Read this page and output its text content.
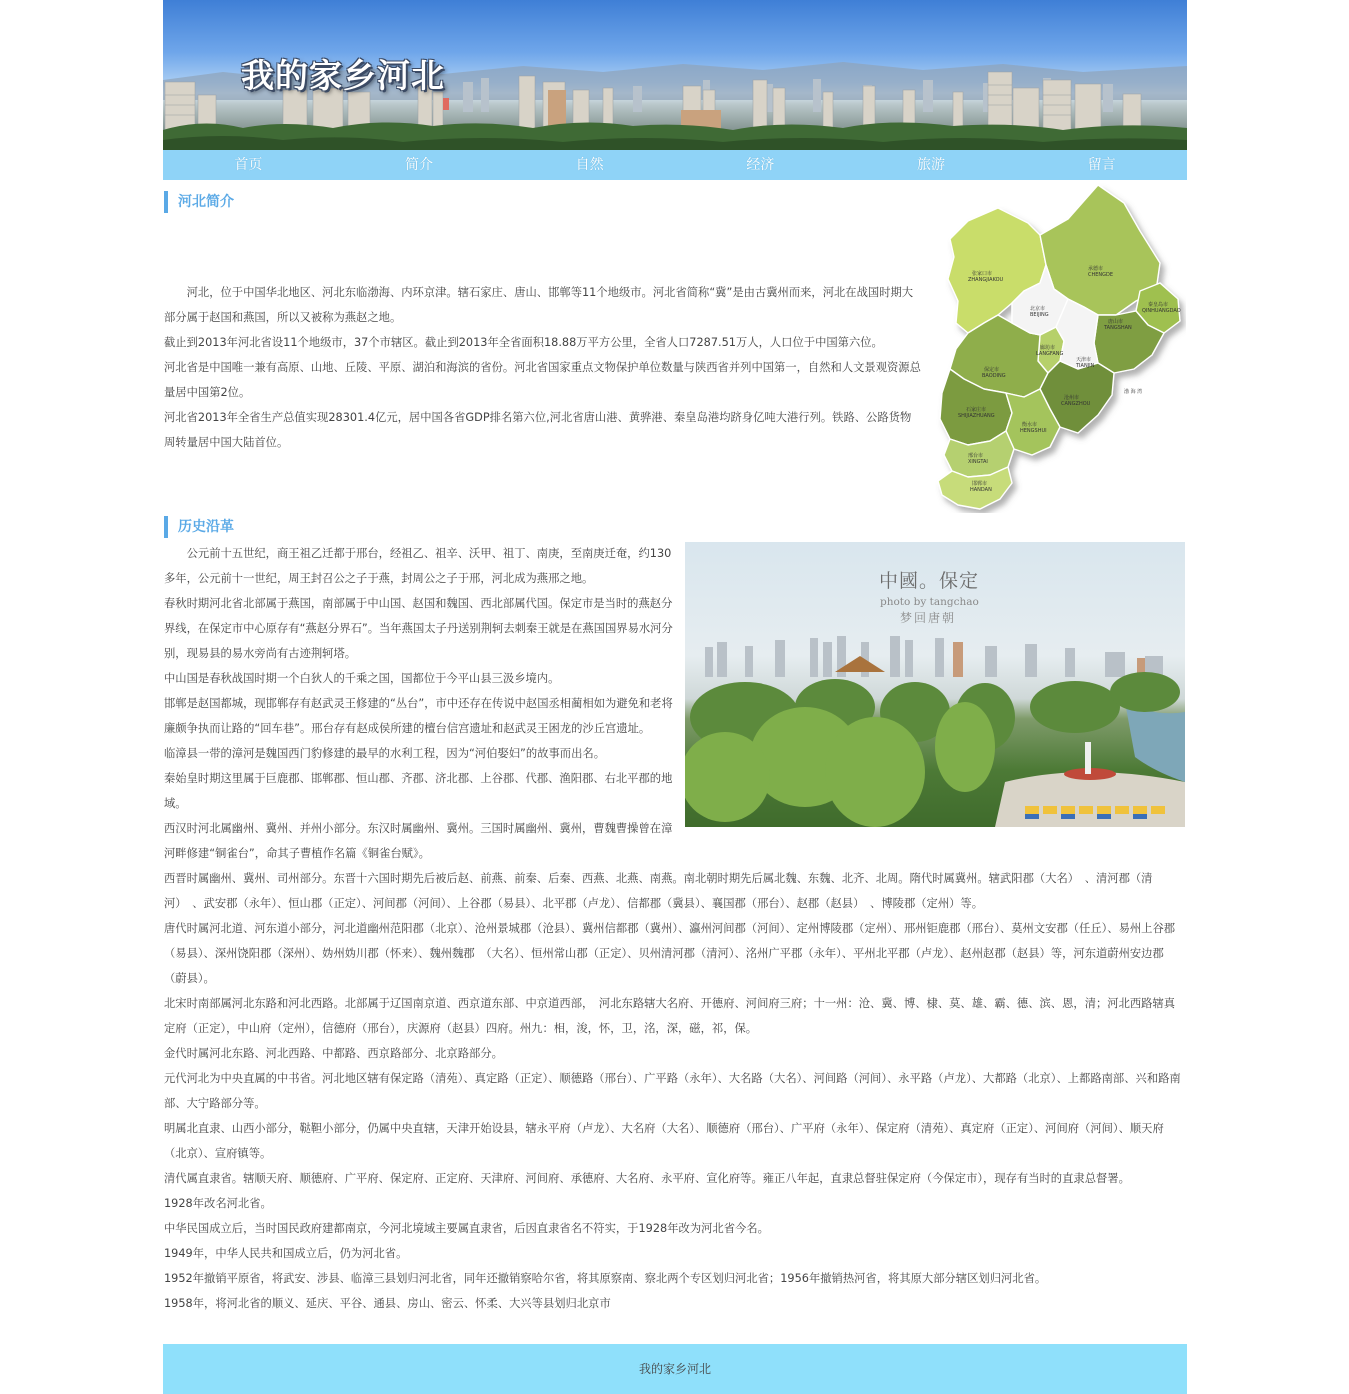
我的家乡河北
首页	简介	自然	经济	旅游	留言
河北简介

　　河北，位于中国华北地区、河北东临渤海、内环京津。辖石家庄、唐山、邯郸等11个地级市。河北省简称“冀”是由古冀州而来，河北在战国时期大部分属于赵国和燕国，所以又被称为燕赵之地。

截止到2013年河北省设11个地级市，37个市辖区。截止到2013年全省面积18.88万平方公里，全省人口7287.51万人，人口位于中国第六位。

河北省是中国唯一兼有高原、山地、丘陵、平原、湖泊和海滨的省份。河北省国家重点文物保护单位数量与陕西省并列中国第一，自然和人文景观资源总量居中国第2位。

河北省2013年全省生产总值实现28301.4亿元，居中国各省GDP排名第六位,河北省唐山港、黄骅港、秦皇岛港均跻身亿吨大港行列。铁路、公路货物周转量居中国大陆首位。

张家口市
ZHANGJIAKOU
承德市
CHENGDE
秦皇岛市
QINHUANGDAO
北京市
BEIJING
唐山市
TANGSHAN
廊坊市
LANGFANG
天津市
TIANJIN
保定市
BAODING
沧州市
CANGZHOU
石家庄市
SHIJIAZHUANG
衡水市
HENGSHUI
邢台市
XINGTAI
邯郸市
HANDAN
渤 海 湾
历史沿革
中國。保定
photo by tangchao
梦回唐朝

　　公元前十五世纪，商王祖乙迁都于邢台，经祖乙、祖辛、沃甲、祖丁、南庚，至南庚迁奄，约130多年，公元前十一世纪，周王封召公之子于燕，封周公之子于邢，河北成为燕邢之地。

春秋时期河北省北部属于燕国，南部属于中山国、赵国和魏国、西北部属代国。保定市是当时的燕赵分界线，在保定市中心原存有“燕赵分界石”。当年燕国太子丹送别荆轲去刺秦王就是在燕国国界易水河分别，现易县的易水旁尚有古迹荆轲塔。

中山国是春秋战国时期一个白狄人的千乘之国，国都位于今平山县三汲乡境内。

邯郸是赵国都城，现邯郸存有赵武灵王修建的“丛台”，市中还存在传说中赵国丞相蔺相如为避免和老将廉颇争执而让路的“回车巷”。邢台存有赵成侯所建的檀台信宫遗址和赵武灵王困龙的沙丘宫遗址。

临漳县一带的漳河是魏国西门豹修建的最早的水利工程，因为“河伯娶妇”的故事而出名。

秦始皇时期这里属于巨鹿郡、邯郸郡、恒山郡、齐郡、济北郡、上谷郡、代郡、渔阳郡、右北平郡的地域。

西汉时河北属幽州、冀州、并州小部分。东汉时属幽州、冀州。三国时属幽州、冀州，曹魏曹操曾在漳河畔修建“铜雀台”，命其子曹植作名篇《铜雀台赋》。

西晋时属幽州、冀州、司州部分。东晋十六国时期先后被后赵、前燕、前秦、后秦、西燕、北燕、南燕。南北朝时期先后属北魏、东魏、北齐、北周。隋代时属冀州。辖武阳郡（大名）　、清河郡（清河）　、武安郡（永年）、恒山郡（正定）、河间郡（河间）、上谷郡（易县）、北平郡（卢龙）、信都郡（冀县）、襄国郡（邢台）、赵郡（赵县）　、博陵郡（定州）等。

唐代时属河北道、河东道小部分，河北道幽州范阳郡（北京）、沧州景城郡（沧县）、冀州信都郡（冀州）、瀛州河间郡（河间）、定州博陵郡（定州）、邢州钜鹿郡（邢台）、莫州文安郡（任丘）、易州上谷郡（易县）、深州饶阳郡（深州）、妫州妫川郡（怀来）、魏州魏郡　（大名）、恒州常山郡（正定）、贝州清河郡（清河）、洺州广平郡（永年）、平州北平郡（卢龙）、赵州赵郡（赵县）等，河东道蔚州安边郡（蔚县）。

北宋时南部属河北东路和河北西路。北部属于辽国南京道、西京道东部、中京道西部，　河北东路辖大名府、开德府、河间府三府；十一州：沧、冀、博、棣、莫、雄、霸、德、滨、恩，清；河北西路辖真定府（正定），中山府（定州），信德府（邢台），庆源府（赵县）四府。州九：相，浚，怀，卫，洺，深，磁，祁，保。

金代时属河北东路、河北西路、中都路、西京路部分、北京路部分。

元代河北为中央直属的中书省。河北地区辖有保定路（清苑）、真定路（正定）、顺德路（邢台）、广平路（永年）、大名路（大名）、河间路（河间）、永平路（卢龙）、大都路（北京）、上都路南部、兴和路南部、大宁路部分等。

明属北直隶、山西小部分，鞑靼小部分，仍属中央直辖，天津开始设县，辖永平府（卢龙）、大名府（大名）、顺德府（邢台）、广平府（永年）、保定府（清苑）、真定府（正定）、河间府（河间）、顺天府（北京）、宣府镇等。

清代属直隶省。辖顺天府、顺德府、广平府、保定府、正定府、天津府、河间府、承德府、大名府、永平府、宣化府等。雍正八年起，直隶总督驻保定府（今保定市），现存有当时的直隶总督署。

1928年改名河北省。

中华民国成立后，当时国民政府建都南京，今河北境域主要属直隶省，后因直隶省名不符实，于1928年改为河北省今名。

1949年，中华人民共和国成立后，仍为河北省。

1952年撤销平原省，将武安、涉县、临漳三县划归河北省，同年还撤销察哈尔省，将其原察南、察北两个专区划归河北省；1956年撤销热河省，将其原大部分辖区划归河北省。

1958年，将河北省的顺义、延庆、平谷、通县、房山、密云、怀柔、大兴等县划归北京市

我的家乡河北
